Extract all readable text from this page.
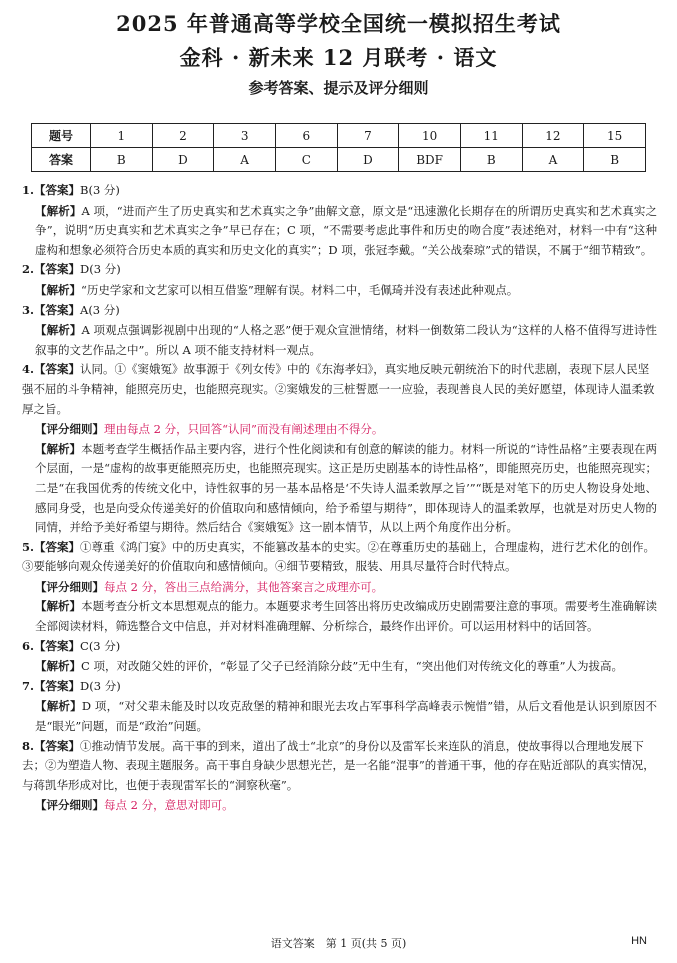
2025 年普通高等学校全国统一模拟招生考试
金科 · 新未来 12 月联考 · 语文
参考答案、提示及评分细则
题号	1	2	3	6	7	10	11	12	15
答案	B	D	A	C	D	BDF	B	A	B
1.【答案】B(3 分)
【解析】A 项，“进而产生了历史真实和艺术真实之争”曲解文意，原文是“迅速激化长期存在的所谓历史真实和艺术真实之争”，说明“历史真实和艺术真实之争”早已存在；C 项，“不需要考虑此事件和历史的吻合度”表述绝对，材料一中有“这种虚构和想象必须符合历史本质的真实和历史文化的真实”；D 项，张冠李戴。“关公战秦琼”式的错误，不属于“细节精致”。
2.【答案】D(3 分)
【解析】“历史学家和文艺家可以相互借鉴”理解有误。材料二中，毛佩琦并没有表述此种观点。
3.【答案】A(3 分)
【解析】A 项观点强调影视剧中出现的“人格之恶”便于观众宣泄情绪，材料一倒数第二段认为“这样的人格不值得写进诗性叙事的文艺作品之中”。所以 A 项不能支持材料一观点。
4.【答案】认同。①《窦娥冤》故事源于《列女传》中的《东海孝妇》，真实地反映元朝统治下的时代悲剧，表现下层人民坚强不屈的斗争精神，能照亮历史，也能照亮现实。②窦娥发的三桩誓愿一一应验，表现善良人民的美好愿望，体现诗人温柔敦厚之旨。
【评分细则】理由每点 2 分，只回答“认同”而没有阐述理由不得分。
【解析】本题考查学生概括作品主要内容，进行个性化阅读和有创意的解读的能力。材料一所说的“诗性品格”主要表现在两个层面，一是“虚构的故事更能照亮历史，也能照亮现实。这正是历史剧基本的诗性品格”，即能照亮历史，也能照亮现实；二是“在我国优秀的传统文化中，诗性叙事的另一基本品格是‘不失诗人温柔敦厚之旨’”“既是对笔下的历史人物设身处地、感同身受，也是向受众传递美好的价值取向和感情倾向，给予希望与期待”，即体现诗人的温柔敦厚，也就是对历史人物的同情，并给予美好希望与期待。然后结合《窦娥冤》这一剧本情节，从以上两个角度作出分析。
5.【答案】①尊重《鸿门宴》中的历史真实，不能篡改基本的史实。②在尊重历史的基础上，合理虚构，进行艺术化的创作。③要能够向观众传递美好的价值取向和感情倾向。④细节要精致，服装、用具尽量符合时代特点。
【评分细则】每点 2 分，答出三点给满分，其他答案言之成理亦可。
【解析】本题考查分析文本思想观点的能力。本题要求考生回答出将历史改编成历史剧需要注意的事项。需要考生准确解读全部阅读材料，筛选整合文中信息，并对材料准确理解、分析综合，最终作出评价。可以运用材料中的话回答。
6.【答案】C(3 分)
【解析】C 项，对改随父姓的评价，“彰显了父子已经消除分歧”无中生有，“突出他们对传统文化的尊重”人为拔高。
7.【答案】D(3 分)
【解析】D 项，“对父辈未能及时以攻克敌堡的精神和眼光去攻占军事科学高峰表示惋惜”错，从后文看他是认识到原因不是“眼光”问题，而是“政治”问题。
8.【答案】①推动情节发展。高干事的到来，道出了战士“北京”的身份以及雷军长来连队的消息，使故事得以合理地发展下去；②为塑造人物、表现主题服务。高干事自身缺少思想光芒，是一名能“混事”的普通干事，他的存在贴近部队的真实情况，与蒋凯华形成对比，也便于表现雷军长的“洞察秋毫”。
【评分细则】每点 2 分，意思对即可。
语文答案　第 1 页(共 5 页)	HN
